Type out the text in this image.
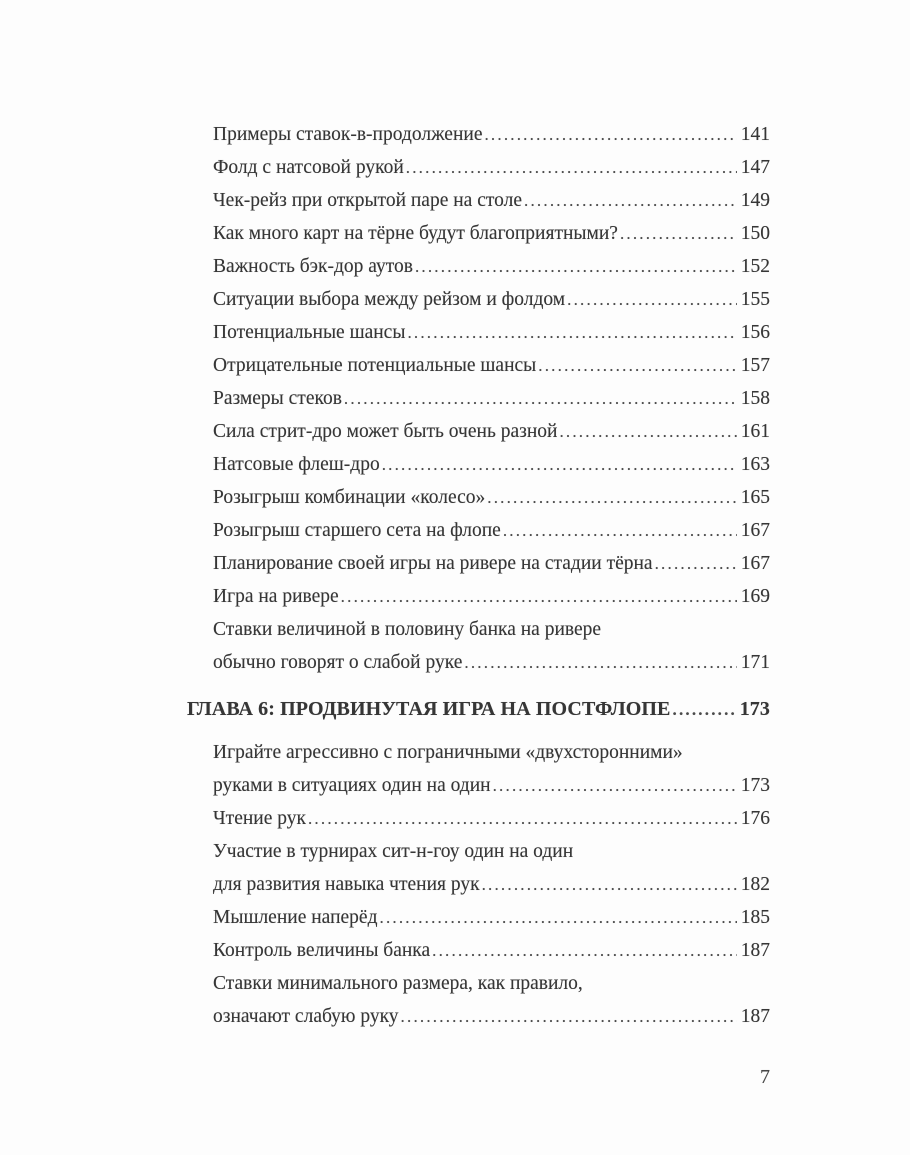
Примеры ставок-в-продолжение .....	141
Фолд с натсовой рукой .....	147
Чек-рейз при открытой паре на столе .....	149
Как много карт на тёрне будут благоприятными? .....	150
Важность бэк-дор аутов .....	152
Ситуации выбора между рейзом и фолдом .....	155
Потенциальные шансы .....	156
Отрицательные потенциальные шансы .....	157
Размеры стеков .....	158
Сила стрит-дро может быть очень разной .....	161
Натсовые флеш-дро .....	163
Розыгрыш комбинации «колесо» .....	165
Розыгрыш старшего сета на флопе .....	167
Планирование своей игры на ривере на стадии тёрна .....	167
Игра на ривере .....	169
Ставки величиной в половину банка на ривере
обычно говорят о слабой руке .....	171
ГЛАВА 6: ПРОДВИНУТАЯ ИГРА НА ПОСТФЛОПЕ .....	173
Играйте агрессивно с пограничными «двухсторонними»
руками в ситуациях один на один .....	173
Чтение рук .....	176
Участие в турнирах сит-н-гоу один на один
для развития навыка чтения рук .....	182
Мышление наперёд .....	185
Контроль величины банка .....	187
Ставки минимального размера, как правило,
означают слабую руку .....	187
7
